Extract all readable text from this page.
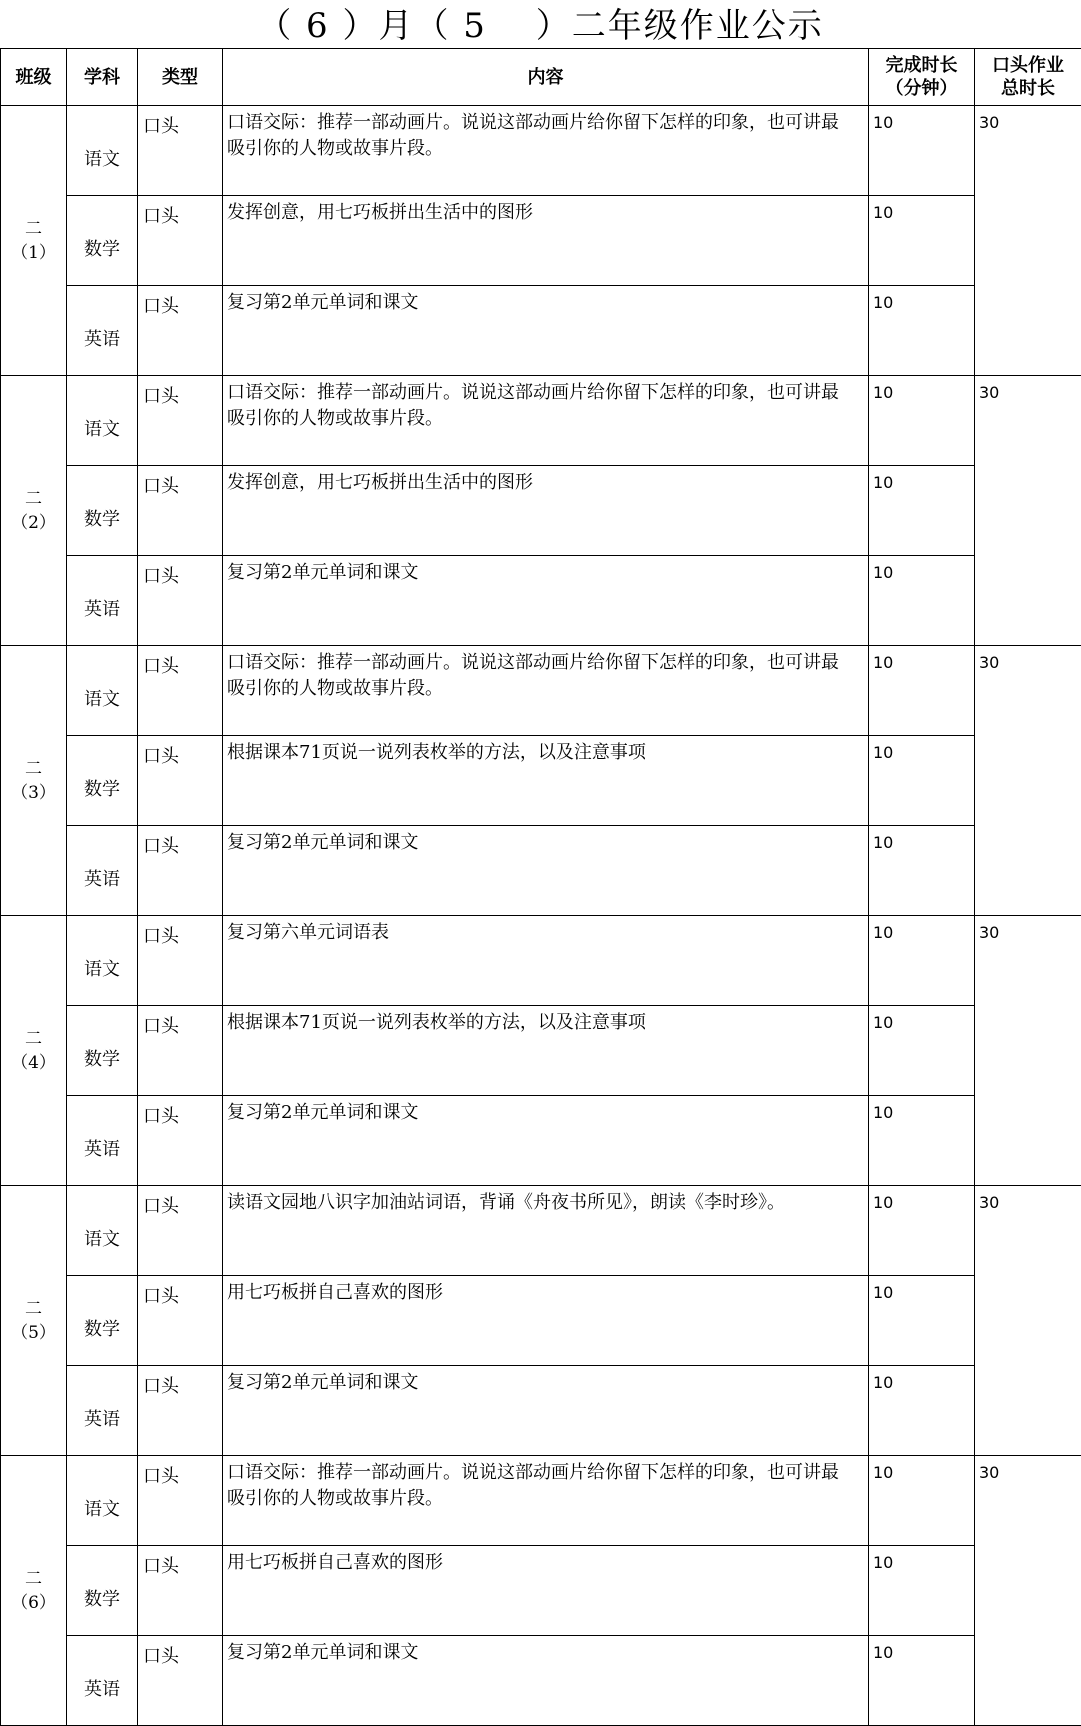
（ 6 ）月（ 5　 ）二年级作业公示
班级	学科	类型	内容	完成时长
（分钟）	口头作业
总时长
二
（1）	语文	口头	口语交际：推荐一部动画片。说说这部动画片给你留下怎样的印象，也可讲最吸引你的人物或故事片段。	10	30
	数学	口头	发挥创意，用七巧板拼出生活中的图形	10	
	英语	口头	复习第2单元单词和课文	10	
二
（2）	语文	口头	口语交际：推荐一部动画片。说说这部动画片给你留下怎样的印象，也可讲最吸引你的人物或故事片段。	10	30
	数学	口头	发挥创意，用七巧板拼出生活中的图形	10	
	英语	口头	复习第2单元单词和课文	10	
二
（3）	语文	口头	口语交际：推荐一部动画片。说说这部动画片给你留下怎样的印象，也可讲最吸引你的人物或故事片段。	10	30
	数学	口头	根据课本71页说一说列表枚举的方法，以及注意事项	10	
	英语	口头	复习第2单元单词和课文	10	
二
（4）	语文	口头	复习第六单元词语表	10	30
	数学	口头	根据课本71页说一说列表枚举的方法，以及注意事项	10	
	英语	口头	复习第2单元单词和课文	10	
二
（5）	语文	口头	读语文园地八识字加油站词语，背诵《舟夜书所见》，朗读《李时珍》。	10	30
	数学	口头	用七巧板拼自己喜欢的图形	10	
	英语	口头	复习第2单元单词和课文	10	
二
（6）	语文	口头	口语交际：推荐一部动画片。说说这部动画片给你留下怎样的印象，也可讲最吸引你的人物或故事片段。	10	30
	数学	口头	用七巧板拼自己喜欢的图形	10	
	英语	口头	复习第2单元单词和课文	10	
